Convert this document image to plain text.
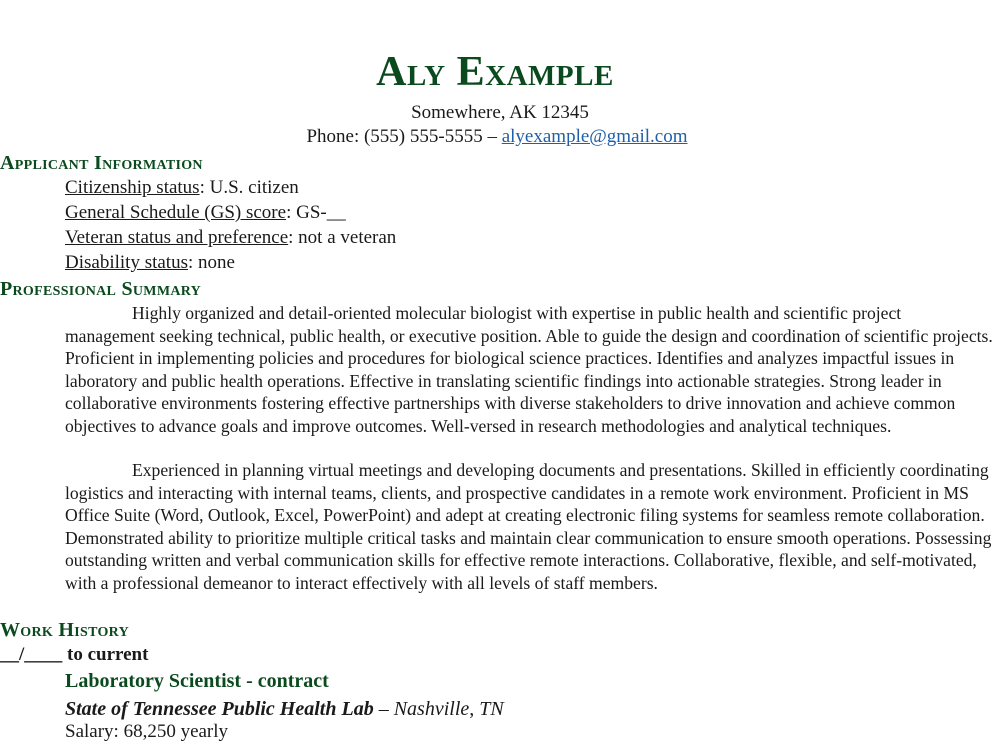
Aly Example
Somewhere, AK 12345
Phone: (555) 555-5555 – alyexample@gmail.com
Applicant Information
Citizenship status: U.S. citizen
General Schedule (GS) score: GS-__
Veteran status and preference: not a veteran
Disability status: none
Professional Summary

Highly organized and detail-oriented molecular biologist with expertise in public health and scientific project management seeking technical, public health, or executive position. Able to guide the design and coordination of scientific projects. Proficient in implementing policies and procedures for biological science practices. Identifies and analyzes impactful issues in laboratory and public health operations. Effective in translating scientific findings into actionable strategies. Strong leader in collaborative environments fostering effective partnerships with diverse stakeholders to drive innovation and achieve common objectives to advance goals and improve outcomes. Well-versed in research methodologies and analytical techniques.

Experienced in planning virtual meetings and developing documents and presentations. Skilled in efficiently coordinating logistics and interacting with internal teams, clients, and prospective candidates in a remote work environment. Proficient in MS Office Suite (Word, Outlook, Excel, PowerPoint) and adept at creating electronic filing systems for seamless remote collaboration. Demonstrated ability to prioritize multiple critical tasks and maintain clear communication to ensure smooth operations. Possessing outstanding written and verbal communication skills for effective remote interactions. Collaborative, flexible, and self-motivated, with a professional demeanor to interact effectively with all levels of staff members.

Work History
__/____ to current
Laboratory Scientist - contract
State of Tennessee Public Health Lab – Nashville, TN
Salary: 68,250 yearly
